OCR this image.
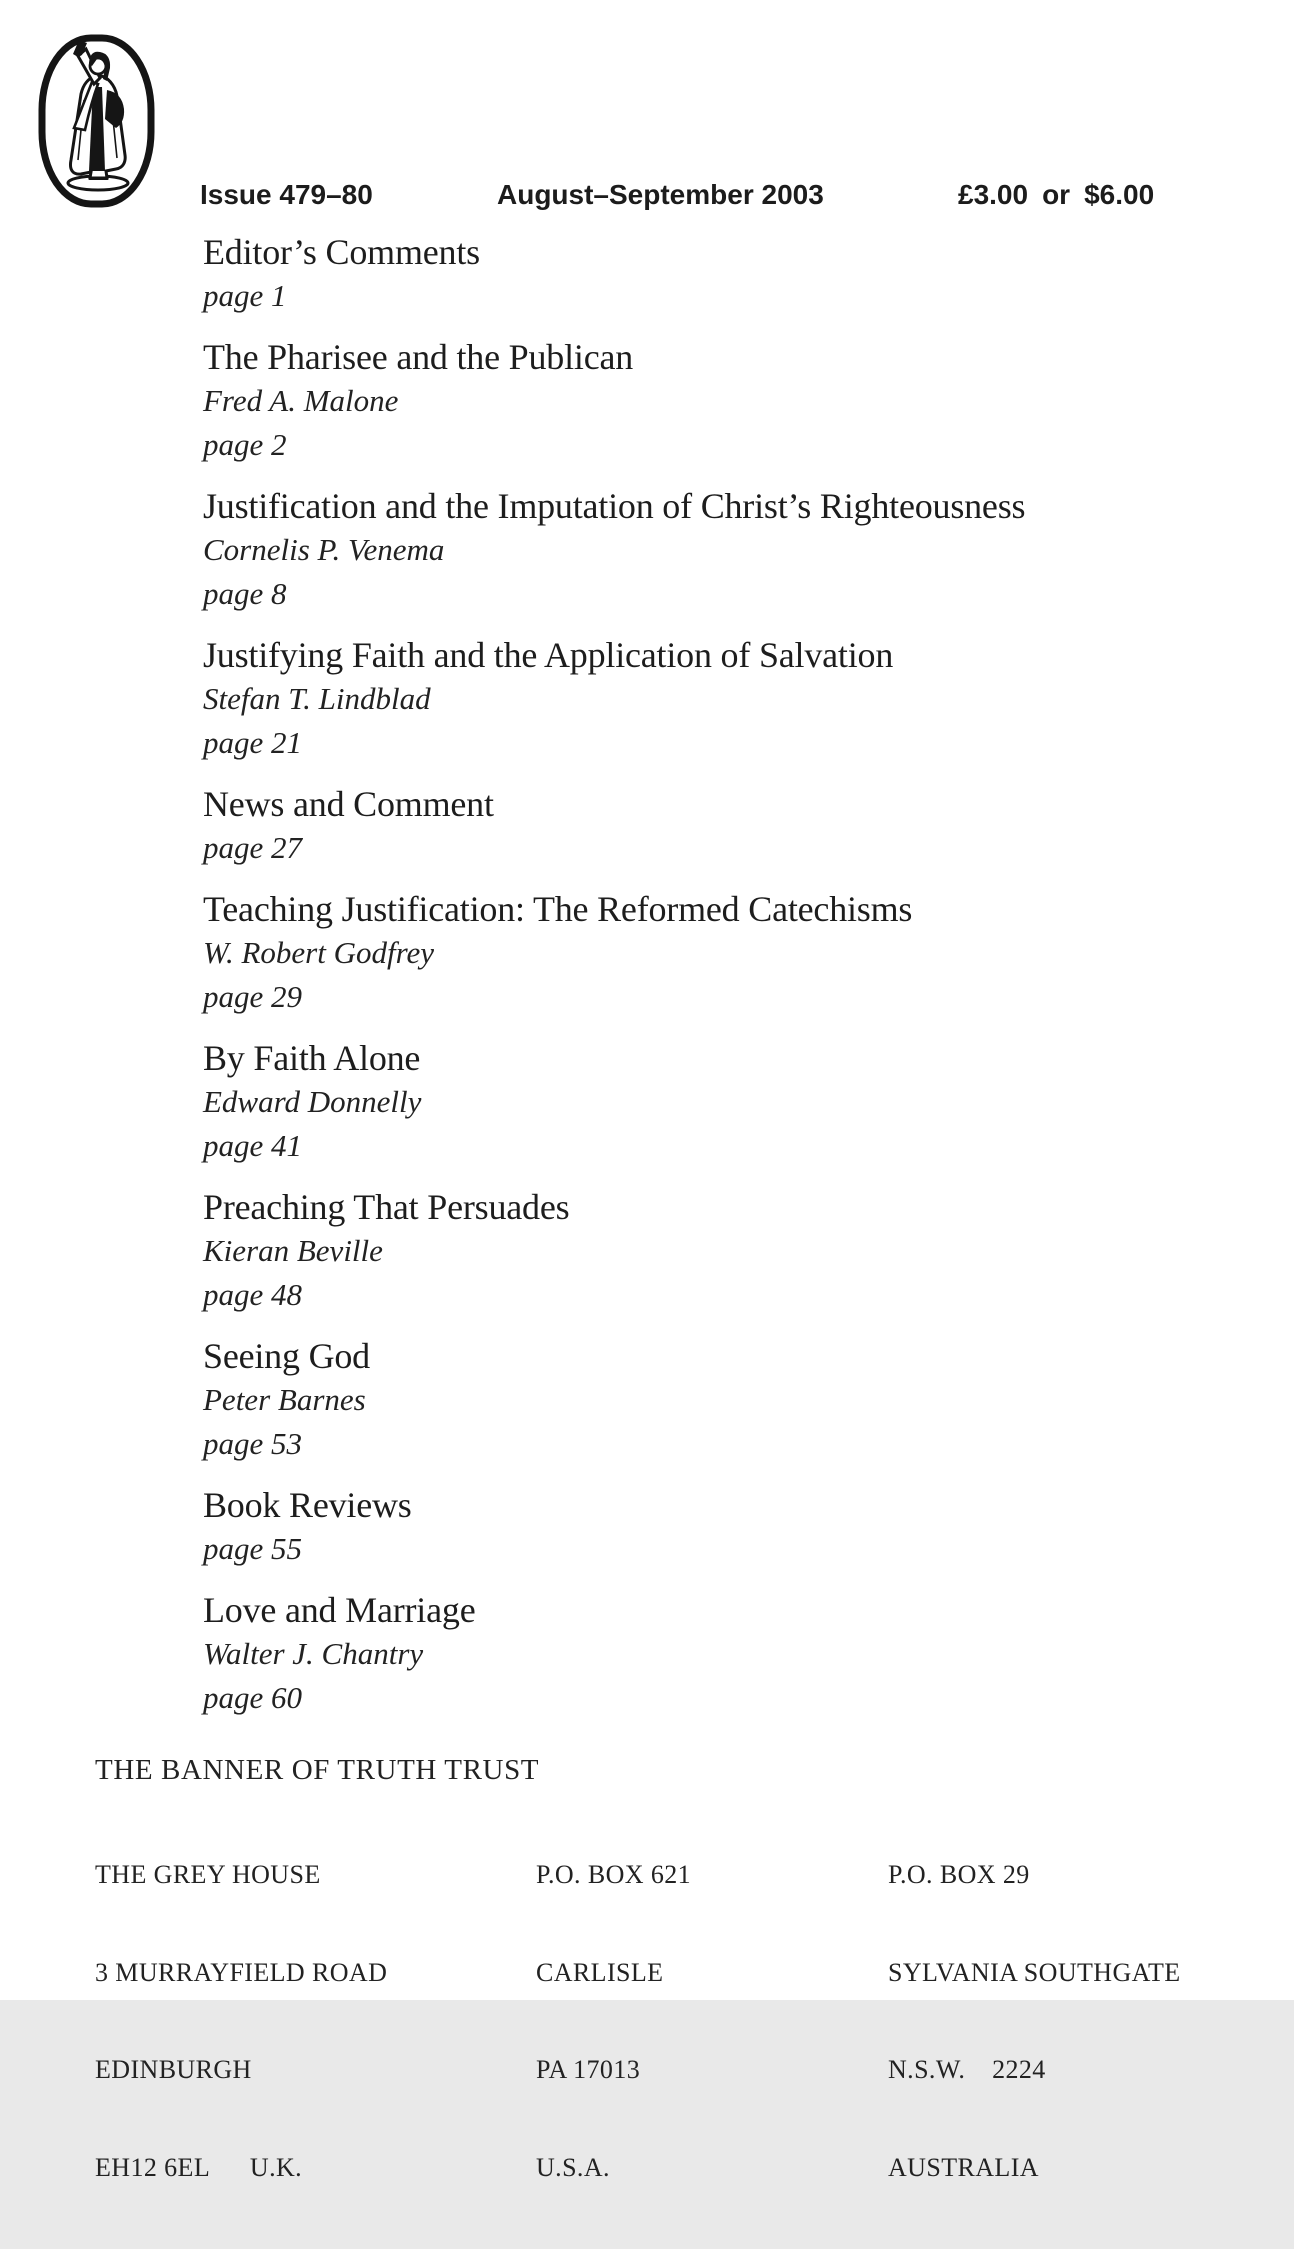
Issue 479–80	August–September 2003	£3.00 or $6.00
Editor’s Comments
page 1
The Pharisee and the Publican
Fred A. Malone
page 2
Justification and the Imputation of Christ’s Righteousness
Cornelis P. Venema
page 8
Justifying Faith and the Application of Salvation
Stefan T. Lindblad
page 21
News and Comment
page 27
Teaching Justification: The Reformed Catechisms
W. Robert Godfrey
page 29
By Faith Alone
Edward Donnelly
page 41
Preaching That Persuades
Kieran Beville
page 48
Seeing God
Peter Barnes
page 53
Book Reviews
page 55
Love and Marriage
Walter J. Chantry
page 60
THE BANNER OF TRUTH TRUST

THE GREY HOUSE

3 MURRAYFIELD ROAD

EDINBURGH

EH12 6EL  U.K.

P.O. BOX 621

CARLISLE

PA 17013

U.S.A.

P.O. BOX 29

SYLVANIA SOUTHGATE

N.S.W.  2224

AUSTRALIA
